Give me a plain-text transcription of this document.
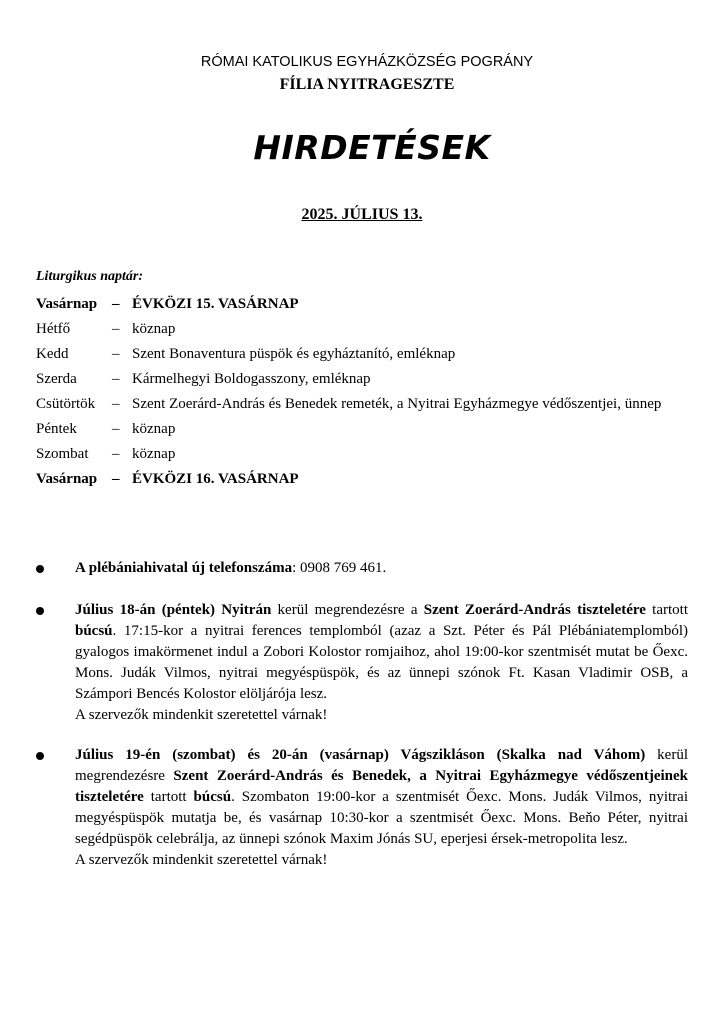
RÓMAI KATOLIKUS EGYHÁZKÖZSÉG POGRÁNY
FÍLIA NYITRAGESZTE
HIRDETÉSEK
2025. JÚLIUS 13.
Liturgikus naptár:
Vasárnap – ÉVKÖZI 15. VASÁRNAP
Hétfő	– köznap
Kedd	– Szent Bonaventura püspök és egyháztanító, emléknap
Szerda	– Kármelhegyi Boldogasszony, emléknap
Csütörtök	– Szent Zoerárd-András és Benedek remeték, a Nyitrai Egyházmegye védőszentjei, ünnep
Péntek	– köznap
Szombat	– köznap
Vasárnap – ÉVKÖZI 16. VASÁRNAP
A plébániahivatal új telefonszáma: 0908 769 461.
Július 18-án (péntek) Nyitrán kerül megrendezésre a Szent Zoerárd-András tiszteletére tartott búcsú. 17:15-kor a nyitrai ferences templomból (azaz a Szt. Péter és Pál Plébániatemplomból) gyalogos imakörmenet indul a Zobori Kolostor romjaihoz, ahol 19:00-kor szentmisét mutat be Őexc. Mons. Judák Vilmos, nyitrai megyéspüspök, és az ünnepi szónok Ft. Kasan Vladimir OSB, a Számpori Bencés Kolostor elöljárója lesz.
A szervezők mindenkit szeretettel várnak!
Július 19-én (szombat) és 20-án (vasárnap) Vágszikláson (Skalka nad Váhom) kerül megrendezésre Szent Zoerárd-András és Benedek, a Nyitrai Egyházmegye védőszentjeinek tiszteletére tartott búcsú. Szombaton 19:00-kor a szentmisét Őexc. Mons. Judák Vilmos, nyitrai megyéspüspök mutatja be, és vasárnap 10:30-kor a szentmisét Őexc. Mons. Beňo Péter, nyitrai segédpüspök celebrálja, az ünnepi szónok Maxim Jónás SU, eperjesi érsek-metropolita lesz.
A szervezők mindenkit szeretettel várnak!
